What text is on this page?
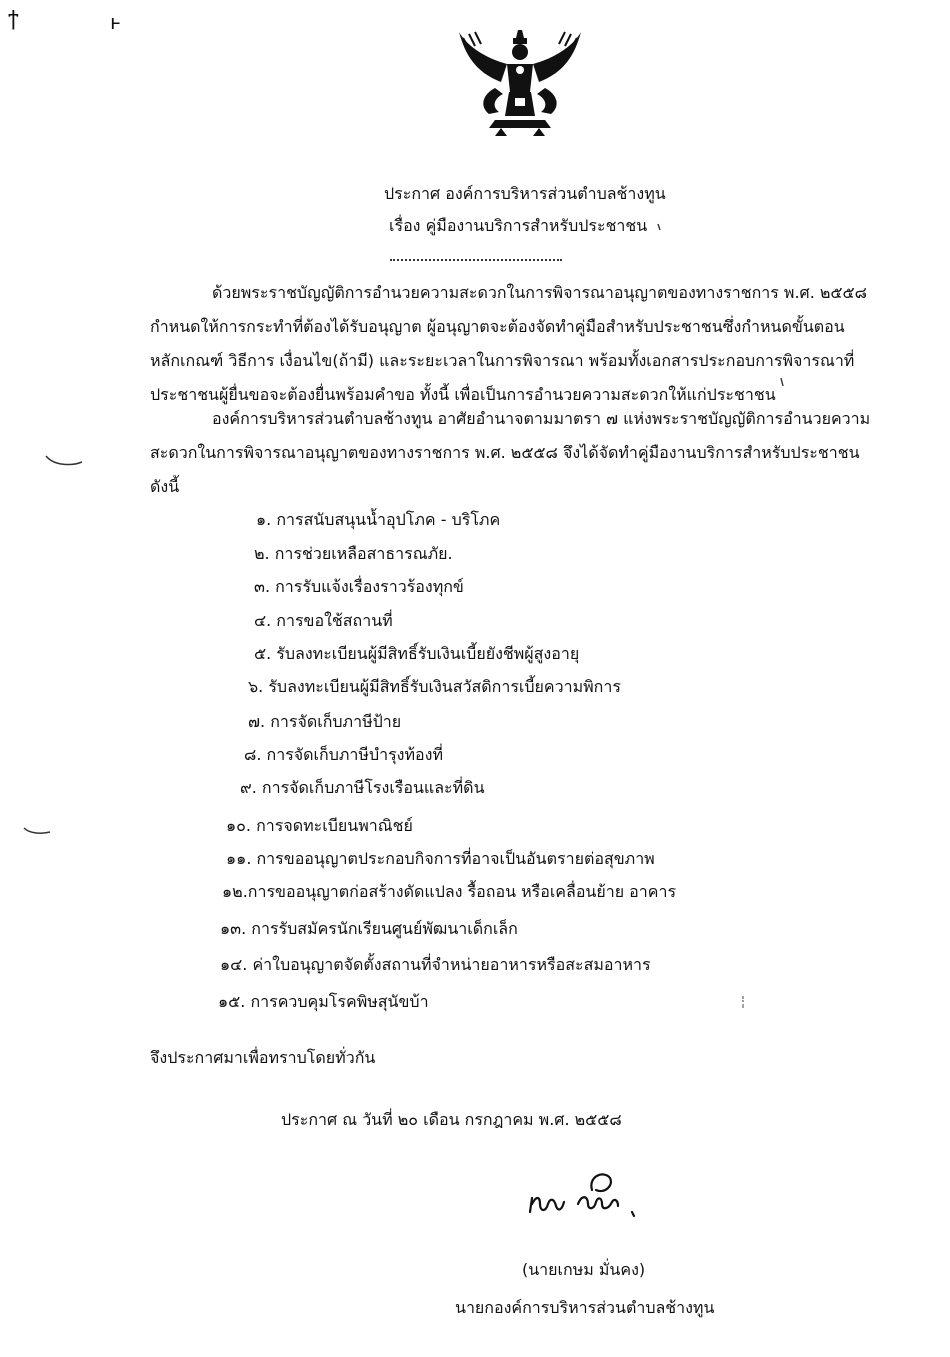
ϯ	ⱶ
ประกาศ องค์การบริหารส่วนตำบลช้างทูน
เรื่อง คู่มืองานบริการสำหรับประชาชน
ด้วยพระราชบัญญัติการอำนวยความสะดวกในการพิจารณาอนุญาตของทางราชการ พ.ศ. ๒๕๕๘
กำหนดให้การกระทำที่ต้องได้รับอนุญาต ผู้อนุญาตจะต้องจัดทำคู่มือสำหรับประชาชนซึ่งกำหนดขั้นตอน
หลักเกณฑ์ วิธีการ เงื่อนไข(ถ้ามี) และระยะเวลาในการพิจารณา พร้อมทั้งเอกสารประกอบการพิจารณาที่
ประชาชนผู้ยื่นขอจะต้องยื่นพร้อมคำขอ ทั้งนี้ เพื่อเป็นการอำนวยความสะดวกให้แก่ประชาชน
องค์การบริหารส่วนตำบลช้างทูน อาศัยอำนาจตามมาตรา ๗ แห่งพระราชบัญญัติการอำนวยความ
สะดวกในการพิจารณาอนุญาตของทางราชการ พ.ศ. ๒๕๕๘ จึงได้จัดทำคู่มืองานบริการสำหรับประชาชน
ดังนี้
๑. การสนับสนุนน้ำอุปโภค - บริโภค
๒. การช่วยเหลือสาธารณภัย.
๓. การรับแจ้งเรื่องราวร้องทุกข์
๔. การขอใช้สถานที่
๕. รับลงทะเบียนผู้มีสิทธิ์รับเงินเบี้ยยังชีพผู้สูงอายุ
๖. รับลงทะเบียนผู้มีสิทธิ์รับเงินสวัสดิการเบี้ยความพิการ
๗. การจัดเก็บภาษีป้าย
๘. การจัดเก็บภาษีบำรุงท้องที่
๙. การจัดเก็บภาษีโรงเรือนและที่ดิน
๑๐. การจดทะเบียนพาณิชย์
๑๑. การขออนุญาตประกอบกิจการที่อาจเป็นอันตรายต่อสุขภาพ
๑๒.การขออนุญาตก่อสร้างดัดแปลง รื้อถอน หรือเคลื่อนย้าย อาคาร
๑๓. การรับสมัครนักเรียนศูนย์พัฒนาเด็กเล็ก
๑๔. ค่าใบอนุญาตจัดตั้งสถานที่จำหน่ายอาหารหรือสะสมอาหาร
๑๕. การควบคุมโรคพิษสุนัขบ้า
จึงประกาศมาเพื่อทราบโดยทั่วกัน
ประกาศ ณ วันที่ ๒๐ เดือน กรกฎาคม พ.ศ. ๒๕๕๘
(นายเกษม มั่นคง)
นายกองค์การบริหารส่วนตำบลช้างทูน
